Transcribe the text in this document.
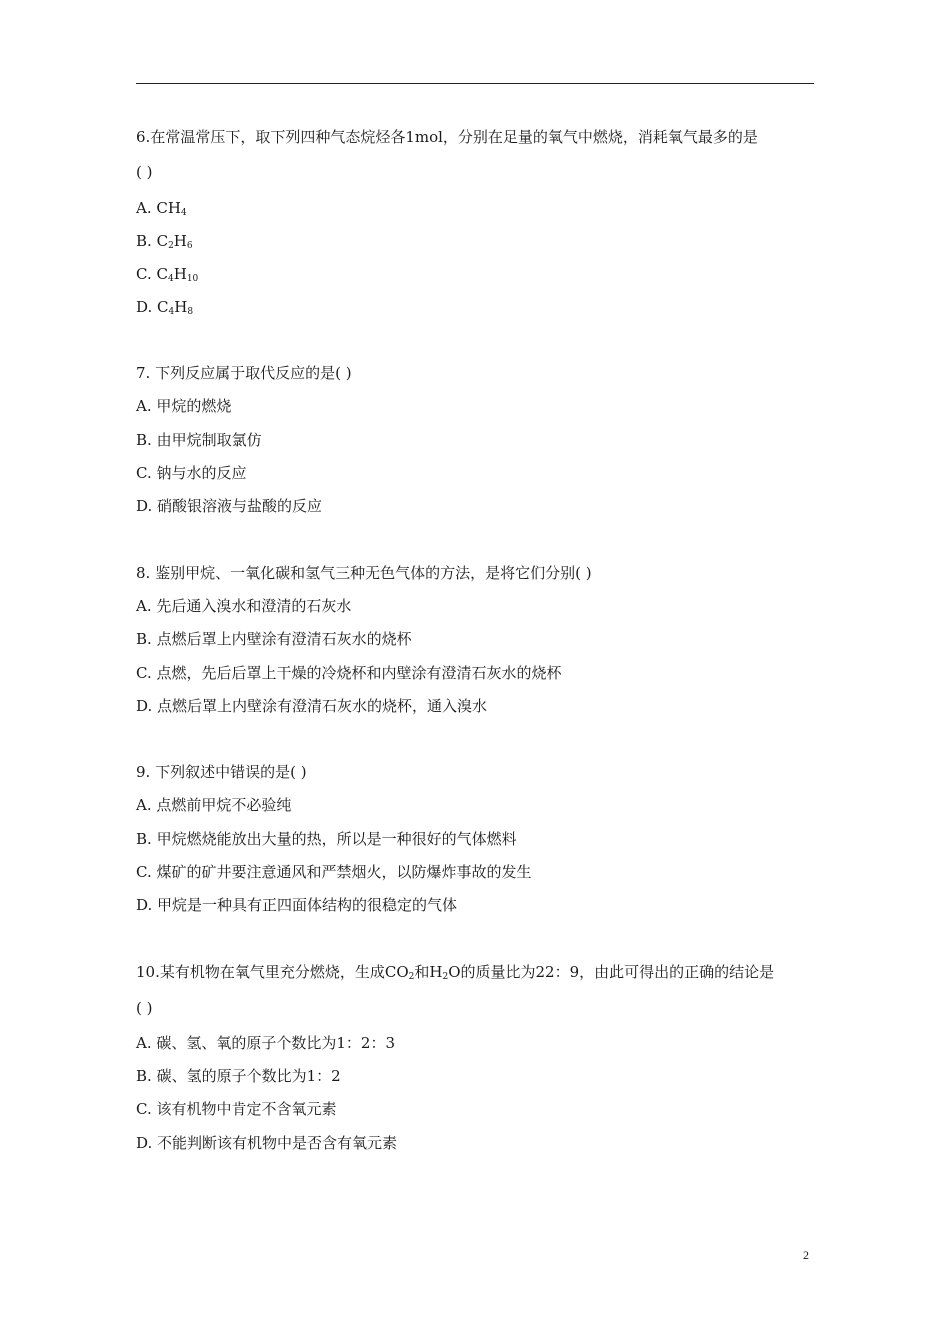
6.在常温常压下，取下列四种气态烷烃各1mol，分别在足量的氧气中燃烧，消耗氧气最多的是
( )
A. $CH_4$
B. $C_2H_6$
C. $C_4H_{10}$
D. $C_4H_8$
7. 下列反应属于取代反应的是( )
A. 甲烷的燃烧
B. 由甲烷制取氯仿
C. 钠与水的反应
D. 硝酸银溶液与盐酸的反应
8. 鉴别甲烷、一氧化碳和氢气三种无色气体的方法，是将它们分别( )
A. 先后通入溴水和澄清的石灰水
B. 点燃后罩上内壁涂有澄清石灰水的烧杯
C. 点燃，先后后罩上干燥的冷烧杯和内壁涂有澄清石灰水的烧杯
D. 点燃后罩上内壁涂有澄清石灰水的烧杯，通入溴水
9. 下列叙述中错误的是( )
A. 点燃前甲烷不必验纯
B. 甲烷燃烧能放出大量的热，所以是一种很好的气体燃料
C. 煤矿的矿井要注意通风和严禁烟火，以防爆炸事故的发生
D. 甲烷是一种具有正四面体结构的很稳定的气体
10.某有机物在氧气里充分燃烧，生成$CO_2$和$H_2O$的质量比为22：9，由此可得出的正确的结论是
( )
A. 碳、氢、氧的原子个数比为1：2：3
B. 碳、氢的原子个数比为1：2
C. 该有机物中肯定不含氧元素
D. 不能判断该有机物中是否含有氧元素
2
